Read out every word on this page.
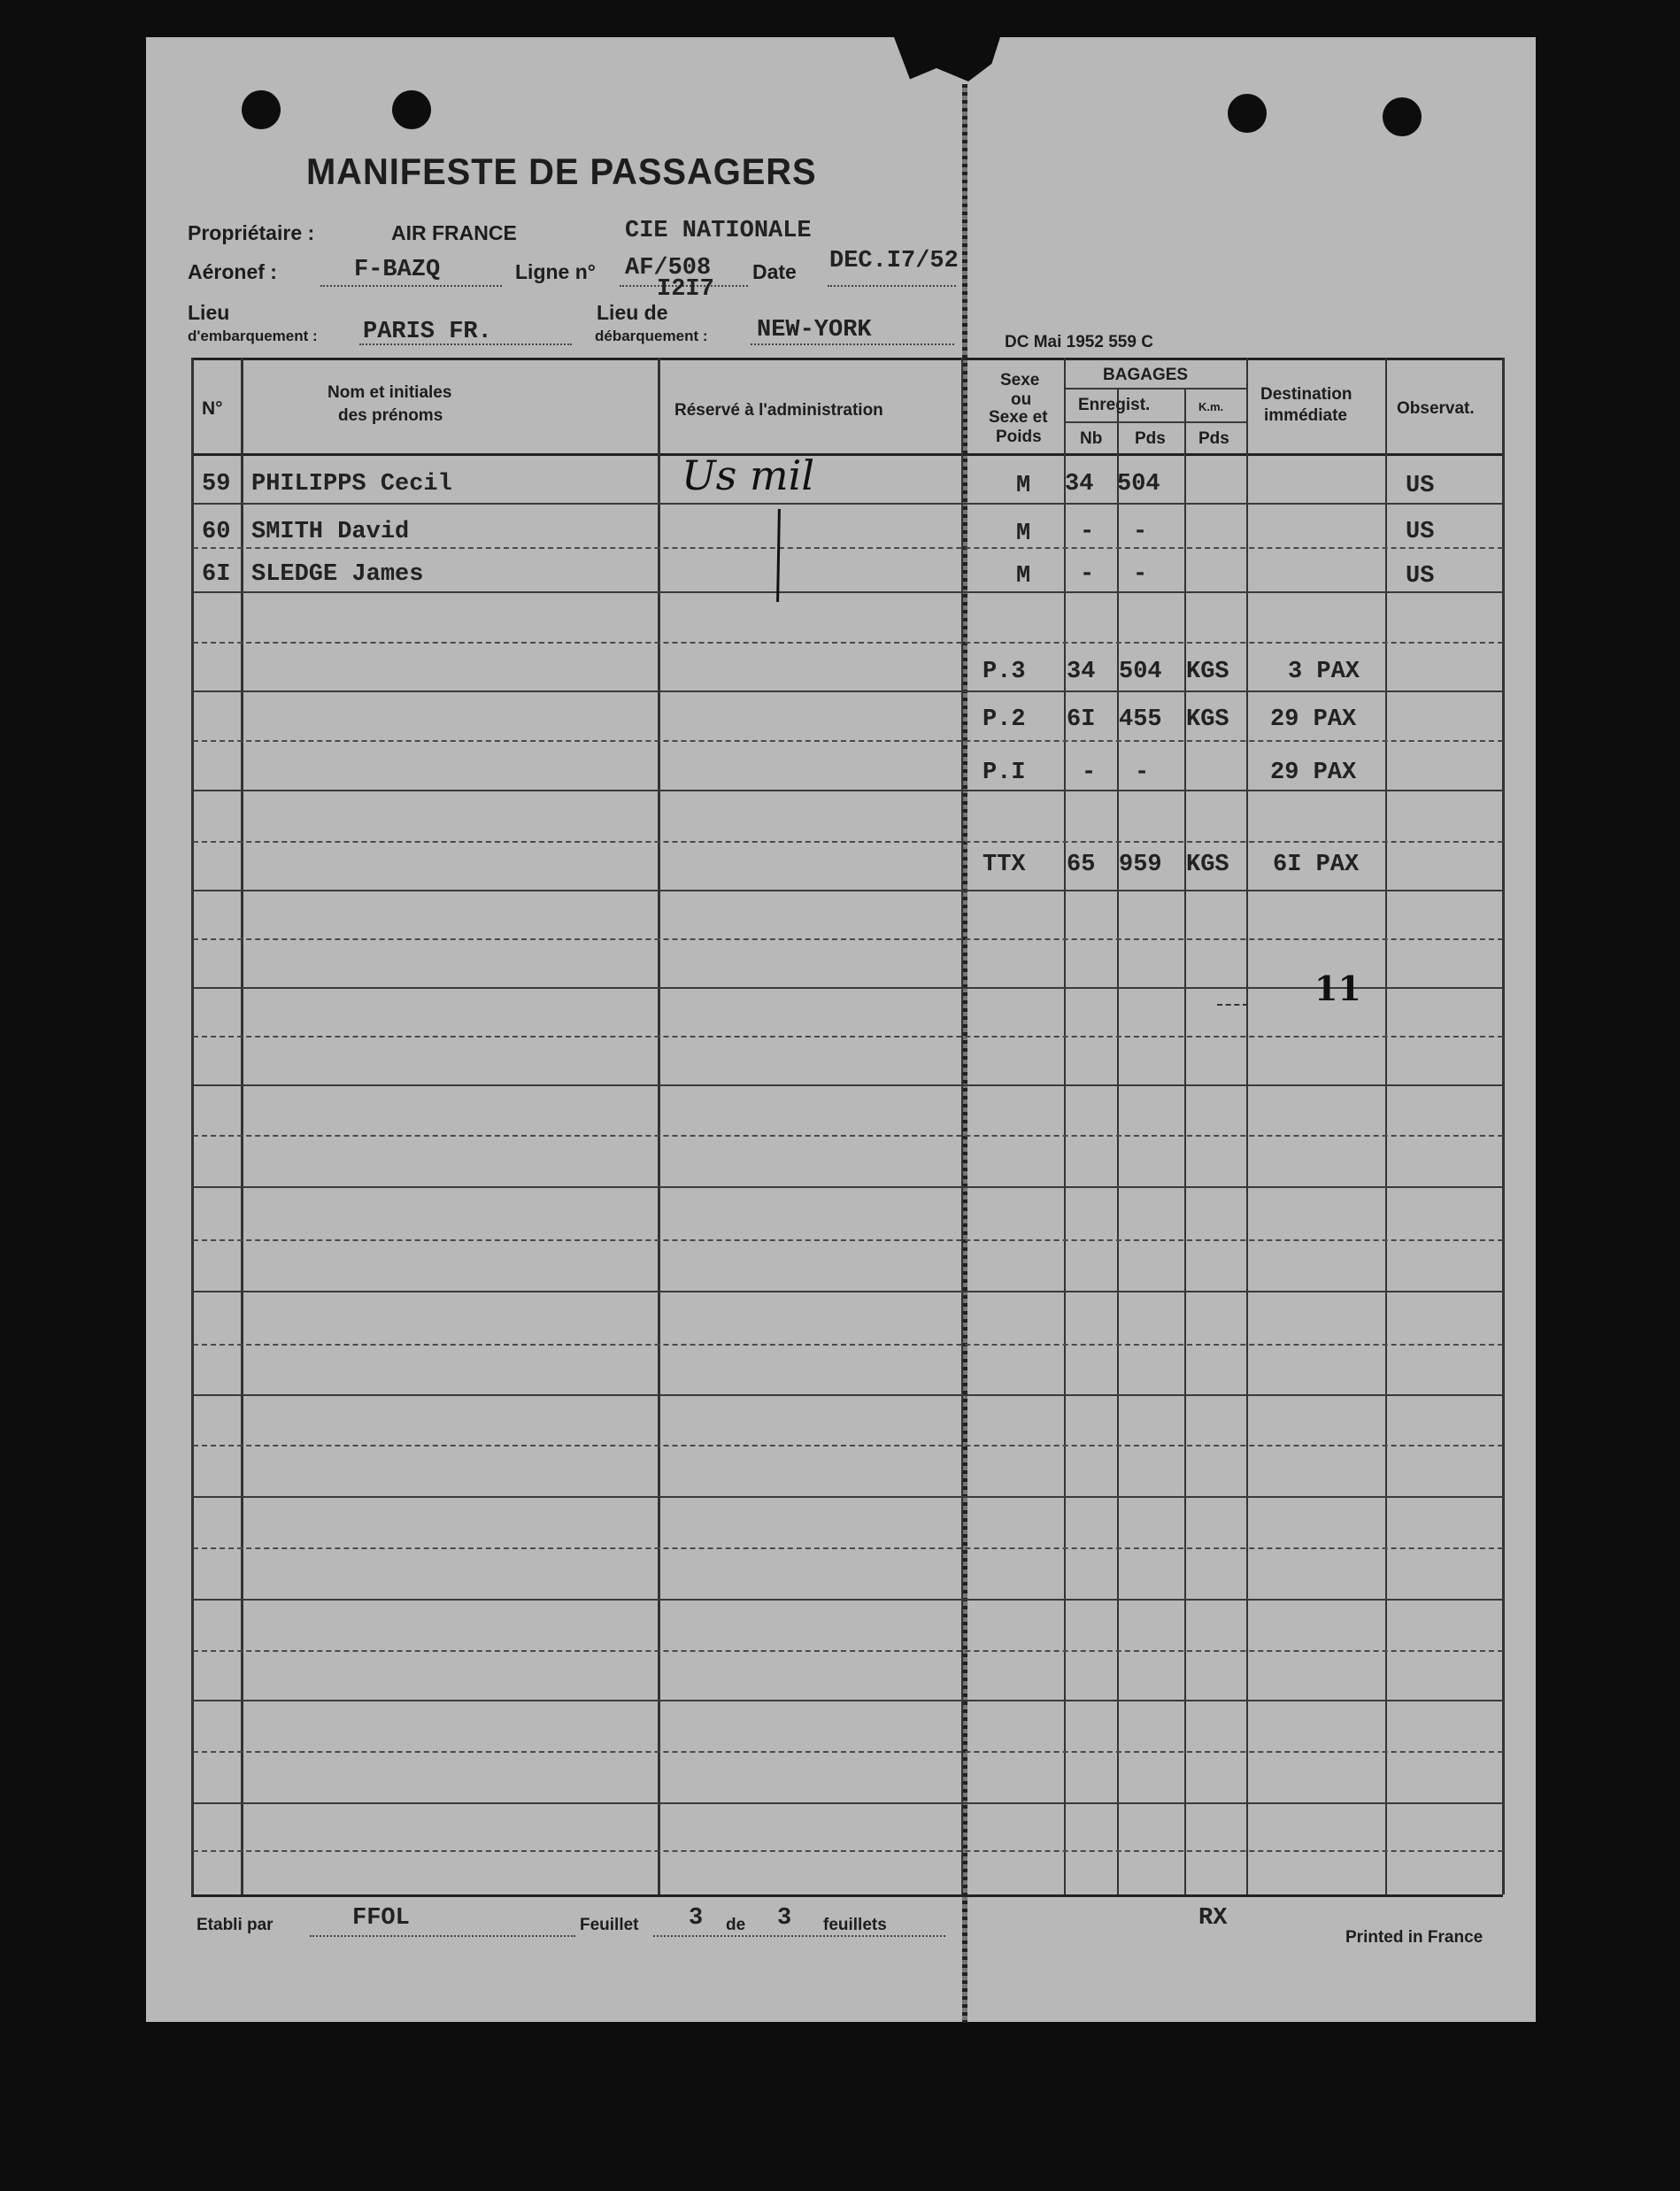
MANIFESTE DE PASSAGERS
Propriétaire :	AIR FRANCE	CIE NATIONALE
Aéronef :	F-BAZQ	Ligne n° AF/508
I2I7
Date DEC.I7/52
Lieu
d'embarquement : PARIS FR.
Lieu de
débarquement : NEW-YORK	DC Mai 1952 559 C
N°
Nom et initiales
des prénoms	Réservé à l'administration
Sexe
ou
Sexe et
Poids
BAGAGES
Enregist.
Nb Pds
K.m.
Pds
Destination
immédiate	Observat.
59 PHILIPPS Cecil	M 34 504	US
60 SMITH David	M - -	US
6I SLEDGE James	M - -	US
Us mil
P.3 34 504 KGS 3 PAX
P.2 6I 455 KGS 29 PAX
P.I - -	29 PAX
TTX 65 959 KGS 6I PAX
11
Etabli par	FFOL	Feuillet 3 de 3 feuillets	RX
Printed in France
